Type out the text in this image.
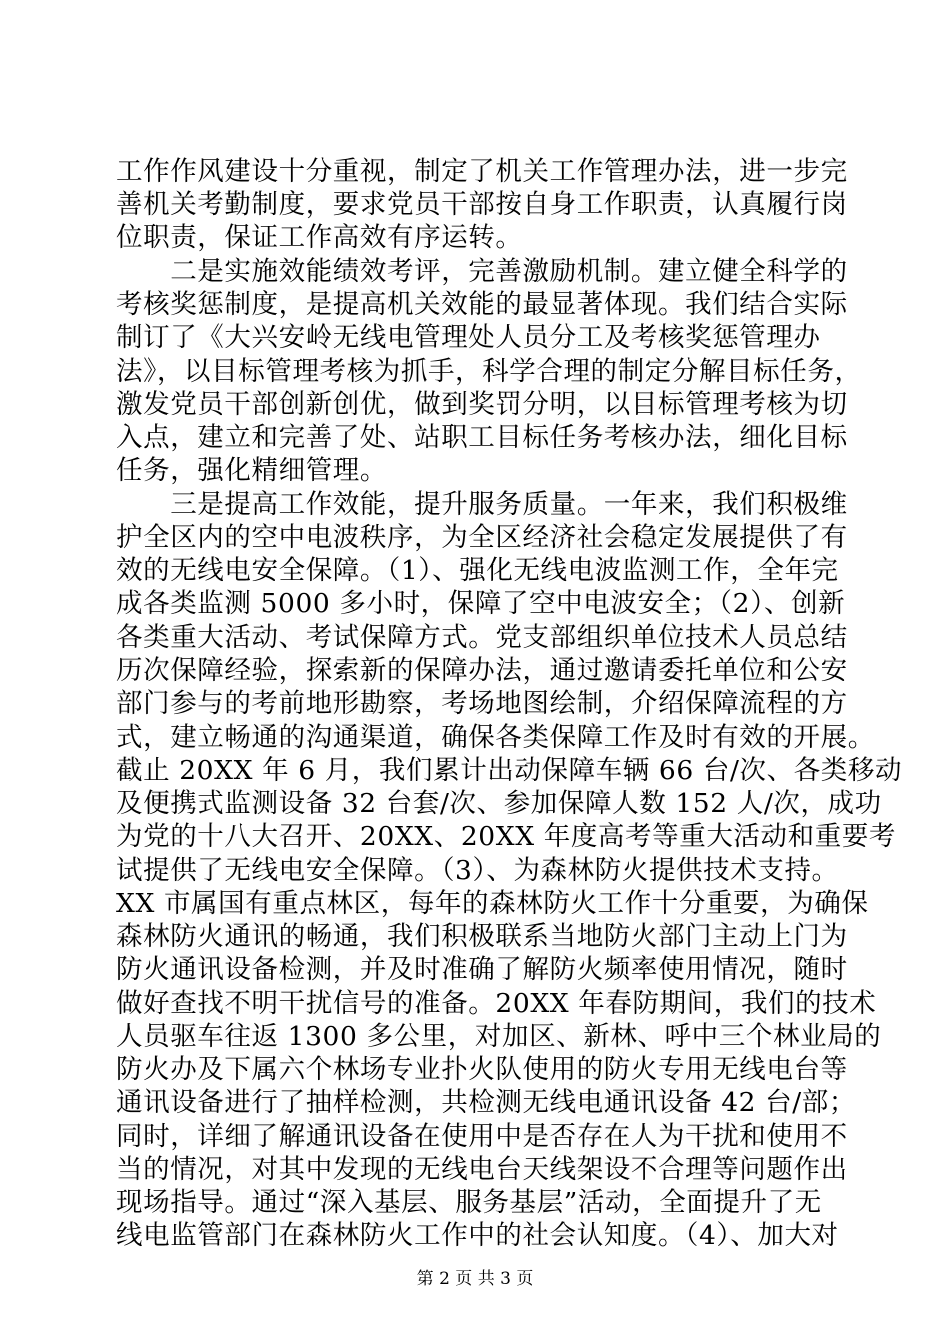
工作作风建设十分重视，制定了机关工作管理办法，进一步完
善机关考勤制度，要求党员干部按自身工作职责，认真履行岗
位职责，保证工作高效有序运转。
　　二是实施效能绩效考评，完善激励机制。建立健全科学的
考核奖惩制度，是提高机关效能的最显著体现。我们结合实际
制订了《大兴安岭无线电管理处人员分工及考核奖惩管理办
法》，以目标管理考核为抓手，科学合理的制定分解目标任务，
激发党员干部创新创优，做到奖罚分明，以目标管理考核为切
入点，建立和完善了处、站职工目标任务考核办法，细化目标
任务，强化精细管理。
　　三是提高工作效能，提升服务质量。一年来，我们积极维
护全区内的空中电波秩序，为全区经济社会稳定发展提供了有
效的无线电安全保障。（1）、强化无线电波监测工作，全年完
成各类监测 5000 多小时，保障了空中电波安全；（2）、创新
各类重大活动、考试保障方式。党支部组织单位技术人员总结
历次保障经验，探索新的保障办法，通过邀请委托单位和公安
部门参与的考前地形勘察，考场地图绘制，介绍保障流程的方
式，建立畅通的沟通渠道，确保各类保障工作及时有效的开展。
截止 20XX 年 6 月，我们累计出动保障车辆 66 台/次、各类移动
及便携式监测设备 32 台套/次、参加保障人数 152 人/次，成功
为党的十八大召开、20XX、20XX 年度高考等重大活动和重要考
试提供了无线电安全保障。（3）、为森林防火提供技术支持。
XX 市属国有重点林区，每年的森林防火工作十分重要，为确保
森林防火通讯的畅通，我们积极联系当地防火部门主动上门为
防火通讯设备检测，并及时准确了解防火频率使用情况，随时
做好查找不明干扰信号的准备。20XX 年春防期间，我们的技术
人员驱车往返 1300 多公里，对加区、新林、呼中三个林业局的
防火办及下属六个林场专业扑火队使用的防火专用无线电台等
通讯设备进行了抽样检测，共检测无线电通讯设备 42 台/部；
同时，详细了解通讯设备在使用中是否存在人为干扰和使用不
当的情况，对其中发现的无线电台天线架设不合理等问题作出
现场指导。通过“深入基层、服务基层”活动，全面提升了无
线电监管部门在森林防火工作中的社会认知度。（4）、加大对
第 2 页 共 3 页
